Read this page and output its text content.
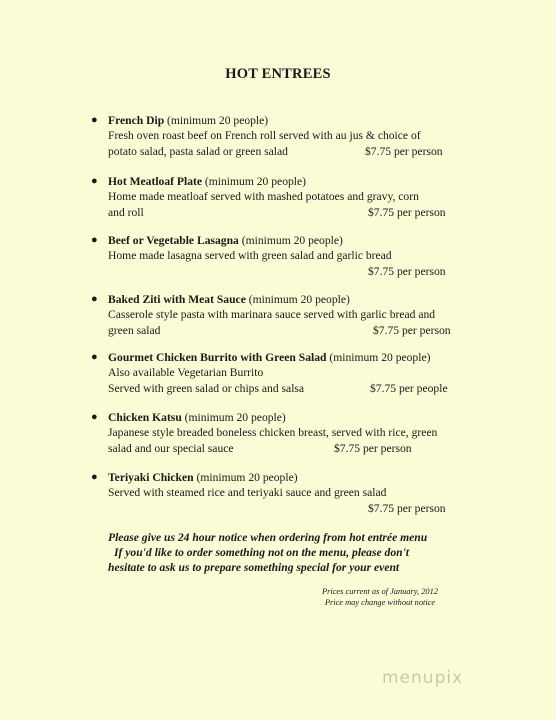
HOT ENTREES
● French Dip (minimum 20 people)
Fresh oven roast beef on French roll served with au jus & choice of
potato salad, pasta salad or green salad	$7.75 per person
● Hot Meatloaf Plate (minimum 20 people)
Home made meatloaf served with mashed potatoes and gravy, corn
and roll	$7.75 per person
● Beef or Vegetable Lasagna (minimum 20 people)
Home made lasagna served with green salad and garlic bread
$7.75 per person
● Baked Ziti with Meat Sauce (minimum 20 people)
Casserole style pasta with marinara sauce served with garlic bread and
green salad	$7.75 per person
● Gourmet Chicken Burrito with Green Salad (minimum 20 people)
Also available Vegetarian Burrito
Served with green salad or chips and salsa	$7.75 per people
● Chicken Katsu (minimum 20 people)
Japanese style breaded boneless chicken breast, served with rice, green
salad and our special sauce	$7.75 per person
● Teriyaki Chicken (minimum 20 people)
Served with steamed rice and teriyaki sauce and green salad
$7.75 per person
Please give us 24 hour notice when ordering from hot entrée menu
If you'd like to order something not on the menu, please don't
hesitate to ask us to prepare something special for your event
Prices current as of January, 2012
Price may change without notice
menupix
